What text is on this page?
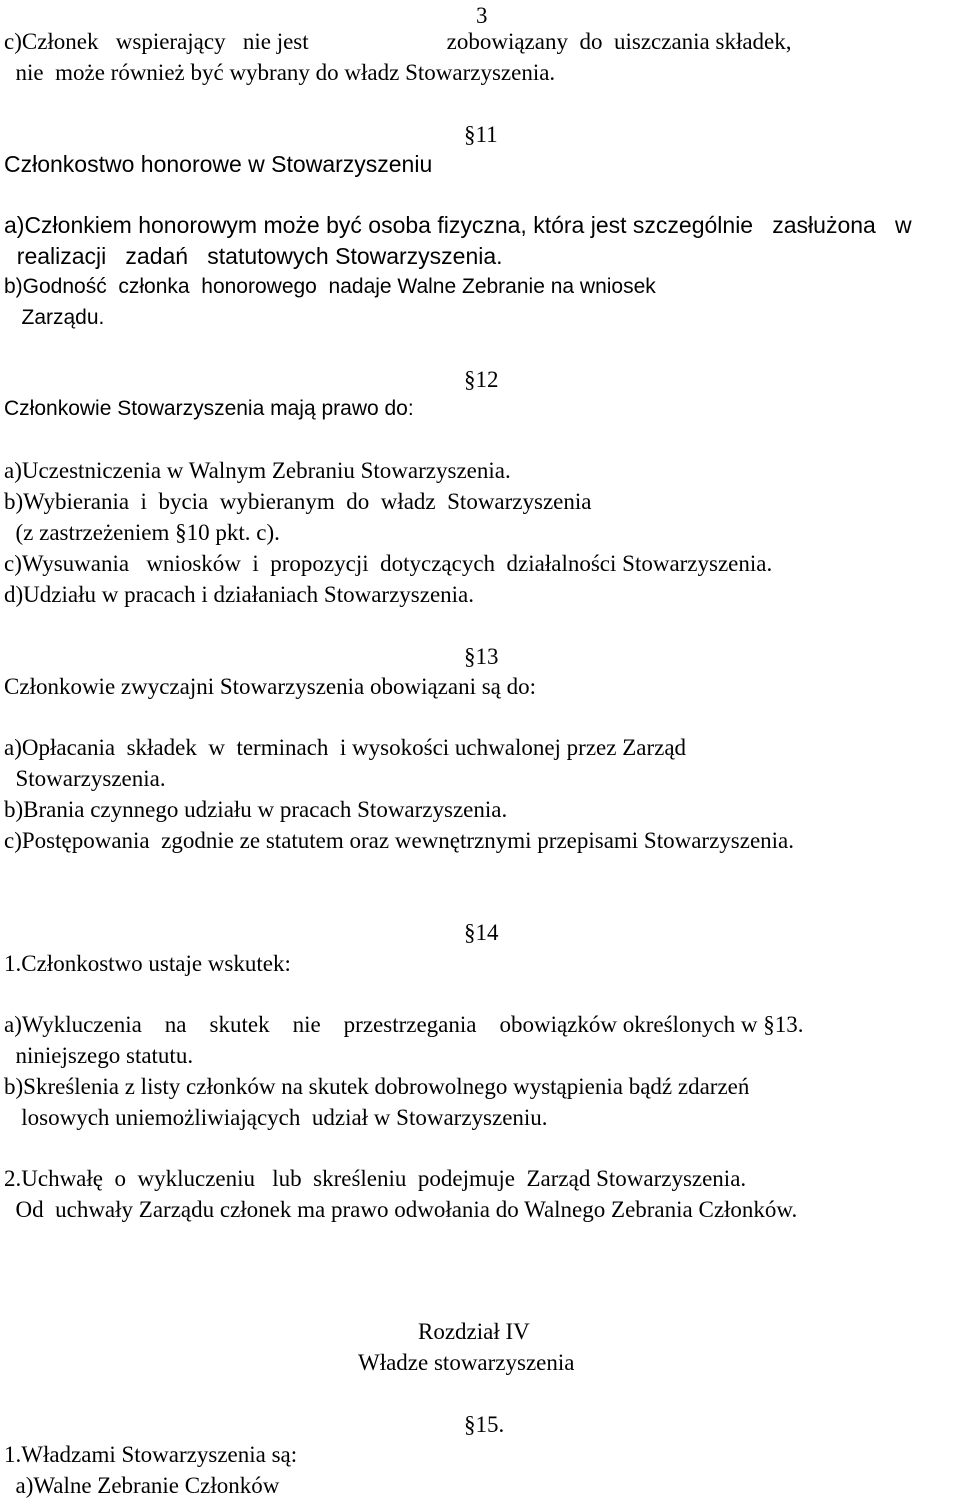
3
c)Członek   wspierający   nie jest                        zobowiązany  do  uiszczania składek,
nie  może również być wybrany do władz Stowarzyszenia.
§11
Członkostwo honorowe w Stowarzyszeniu
a)Członkiem honorowym może być osoba fizyczna, która jest szczególnie   zasłużona   w
realizacji   zadań   statutowych Stowarzyszenia.
b)Godność  członka  honorowego  nadaje Walne Zebranie na wniosek
Zarządu.
§12
Członkowie Stowarzyszenia mają prawo do:
a)Uczestniczenia w Walnym Zebraniu Stowarzyszenia.
b)Wybierania  i  bycia  wybieranym  do  władz  Stowarzyszenia
(z zastrzeżeniem §10 pkt. c).
c)Wysuwania   wniosków  i  propozycji  dotyczących  działalności Stowarzyszenia.
d)Udziału w pracach i działaniach Stowarzyszenia.
§13
Członkowie zwyczajni Stowarzyszenia obowiązani są do:
a)Opłacania  składek  w  terminach  i wysokości uchwalonej przez Zarząd
Stowarzyszenia.
b)Brania czynnego udziału w pracach Stowarzyszenia.
c)Postępowania  zgodnie ze statutem oraz wewnętrznymi przepisami Stowarzyszenia.
§14
1.Członkostwo ustaje wskutek:
a)Wykluczenia    na    skutek    nie    przestrzegania    obowiązków określonych w §13.
niniejszego statutu.
b)Skreślenia z listy członków na skutek dobrowolnego wystąpienia bądź zdarzeń
losowych uniemożliwiających  udział w Stowarzyszeniu.
2.Uchwałę  o  wykluczeniu   lub  skreśleniu  podejmuje  Zarząd Stowarzyszenia.
Od  uchwały Zarządu członek ma prawo odwołania do Walnego Zebrania Członków.
Rozdział IV
Władze stowarzyszenia
§15.
1.Władzami Stowarzyszenia są:
a)Walne Zebranie Członków
